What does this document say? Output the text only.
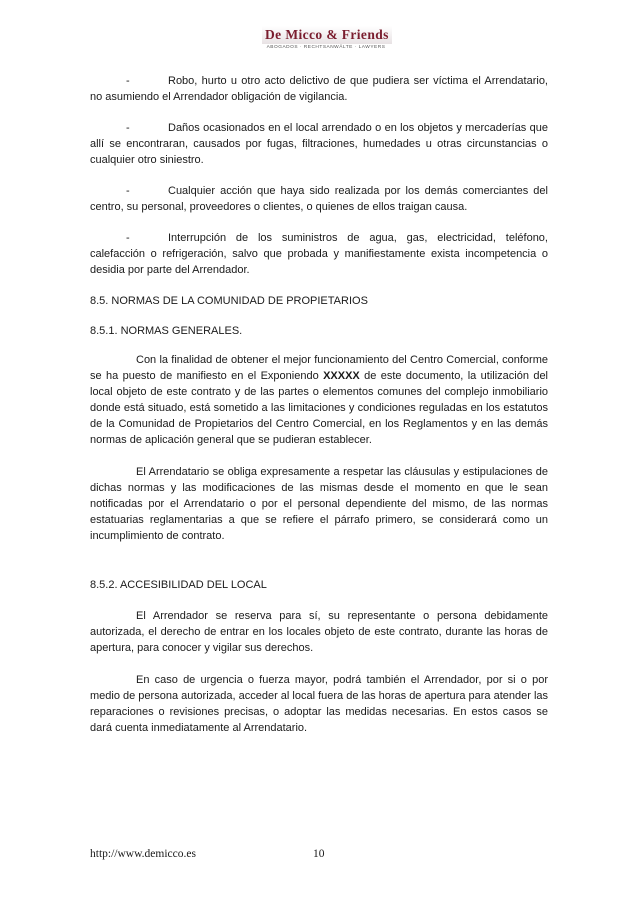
De Micco & Friends
ABOGADOS · RECHTSANWÄLTE · LAWYERS

-	Robo, hurto u otro acto delictivo de que pudiera ser víctima el Arrendatario, no asumiendo el Arrendador obligación de vigilancia.

-	Daños ocasionados en el local arrendado o en los objetos y mercaderías que allí se encontraran, causados por fugas, filtraciones, humedades u otras circunstancias o cualquier otro siniestro.

-	Cualquier acción que haya sido realizada por los demás comerciantes del centro, su personal, proveedores o clientes, o quienes de ellos traigan causa.

-	Interrupción de los suministros de agua, gas, electricidad, teléfono, calefacción o refrigeración, salvo que probada y manifiestamente exista incompetencia o desidia por parte del Arrendador.

8.5. NORMAS DE LA COMUNIDAD DE PROPIETARIOS

8.5.1. NORMAS GENERALES.

Con la finalidad de obtener el mejor funcionamiento del Centro Comercial, conforme se ha puesto de manifiesto en el Exponiendo XXXXX de este documento, la utilización del local objeto de este contrato y de las partes o elementos comunes del complejo inmobiliario donde está situado, está sometido a las limitaciones y condiciones reguladas en los estatutos de la Comunidad de Propietarios del Centro Comercial, en los Reglamentos y en las demás normas de aplicación general que se pudieran establecer.

El Arrendatario se obliga expresamente a respetar las cláusulas y estipulaciones de dichas normas y las modificaciones de las mismas desde el momento en que le sean notificadas por el Arrendatario o por el personal dependiente del mismo, de las normas estatuarias reglamentarias a que se refiere el párrafo primero, se considerará como un incumplimiento de contrato.

8.5.2. ACCESIBILIDAD DEL LOCAL

El Arrendador se reserva para sí, su representante o persona debidamente autorizada, el derecho de entrar en los locales objeto de este contrato, durante las horas de apertura, para conocer y vigilar sus derechos.

En caso de urgencia o fuerza mayor, podrá también el Arrendador, por si o por medio de persona autorizada, acceder al local fuera de las horas de apertura para atender las reparaciones o revisiones precisas, o adoptar las medidas necesarias. En estos casos se dará cuenta inmediatamente al Arrendatario.

http://www.demicco.es	10
